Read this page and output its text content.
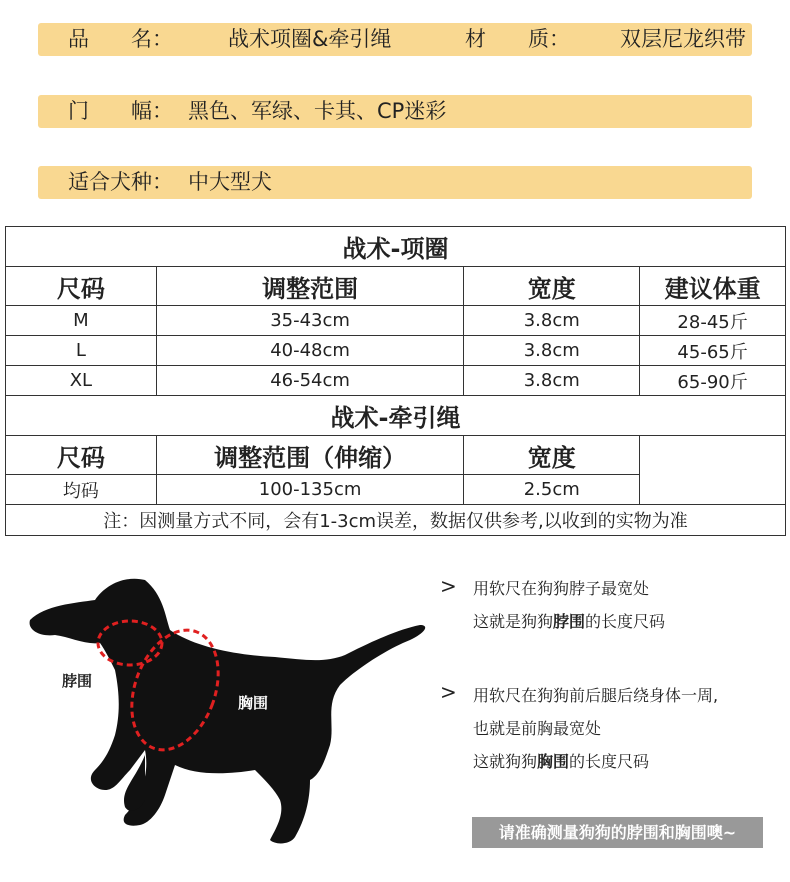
品　　名：	战术项圈&牵引绳	材　　质： 双层尼龙织带
门　　幅： 黑色、军绿、卡其、CP迷彩
适合犬种： 中大型犬
战术-项圈			
尺码	调整范围	宽度	建议体重
M	35-43cm	3.8cm	28-45斤
L	40-48cm	3.8cm	45-65斤
XL	46-54cm	3.8cm	65-90斤
战术-牵引绳			
尺码	调整范围（伸缩）	宽度	
均码	100-135cm	2.5cm	
注：因测量方式不同，会有1-3cm误差，数据仅供参考,以收到的实物为准			
脖围
胸围
> 用软尺在狗狗脖子最宽处
这就是狗狗脖围的长度尺码
> 用软尺在狗狗前后腿后绕身体一周,
也就是前胸最宽处
这就狗狗胸围的长度尺码
请准确测量狗狗的脖围和胸围噢~
